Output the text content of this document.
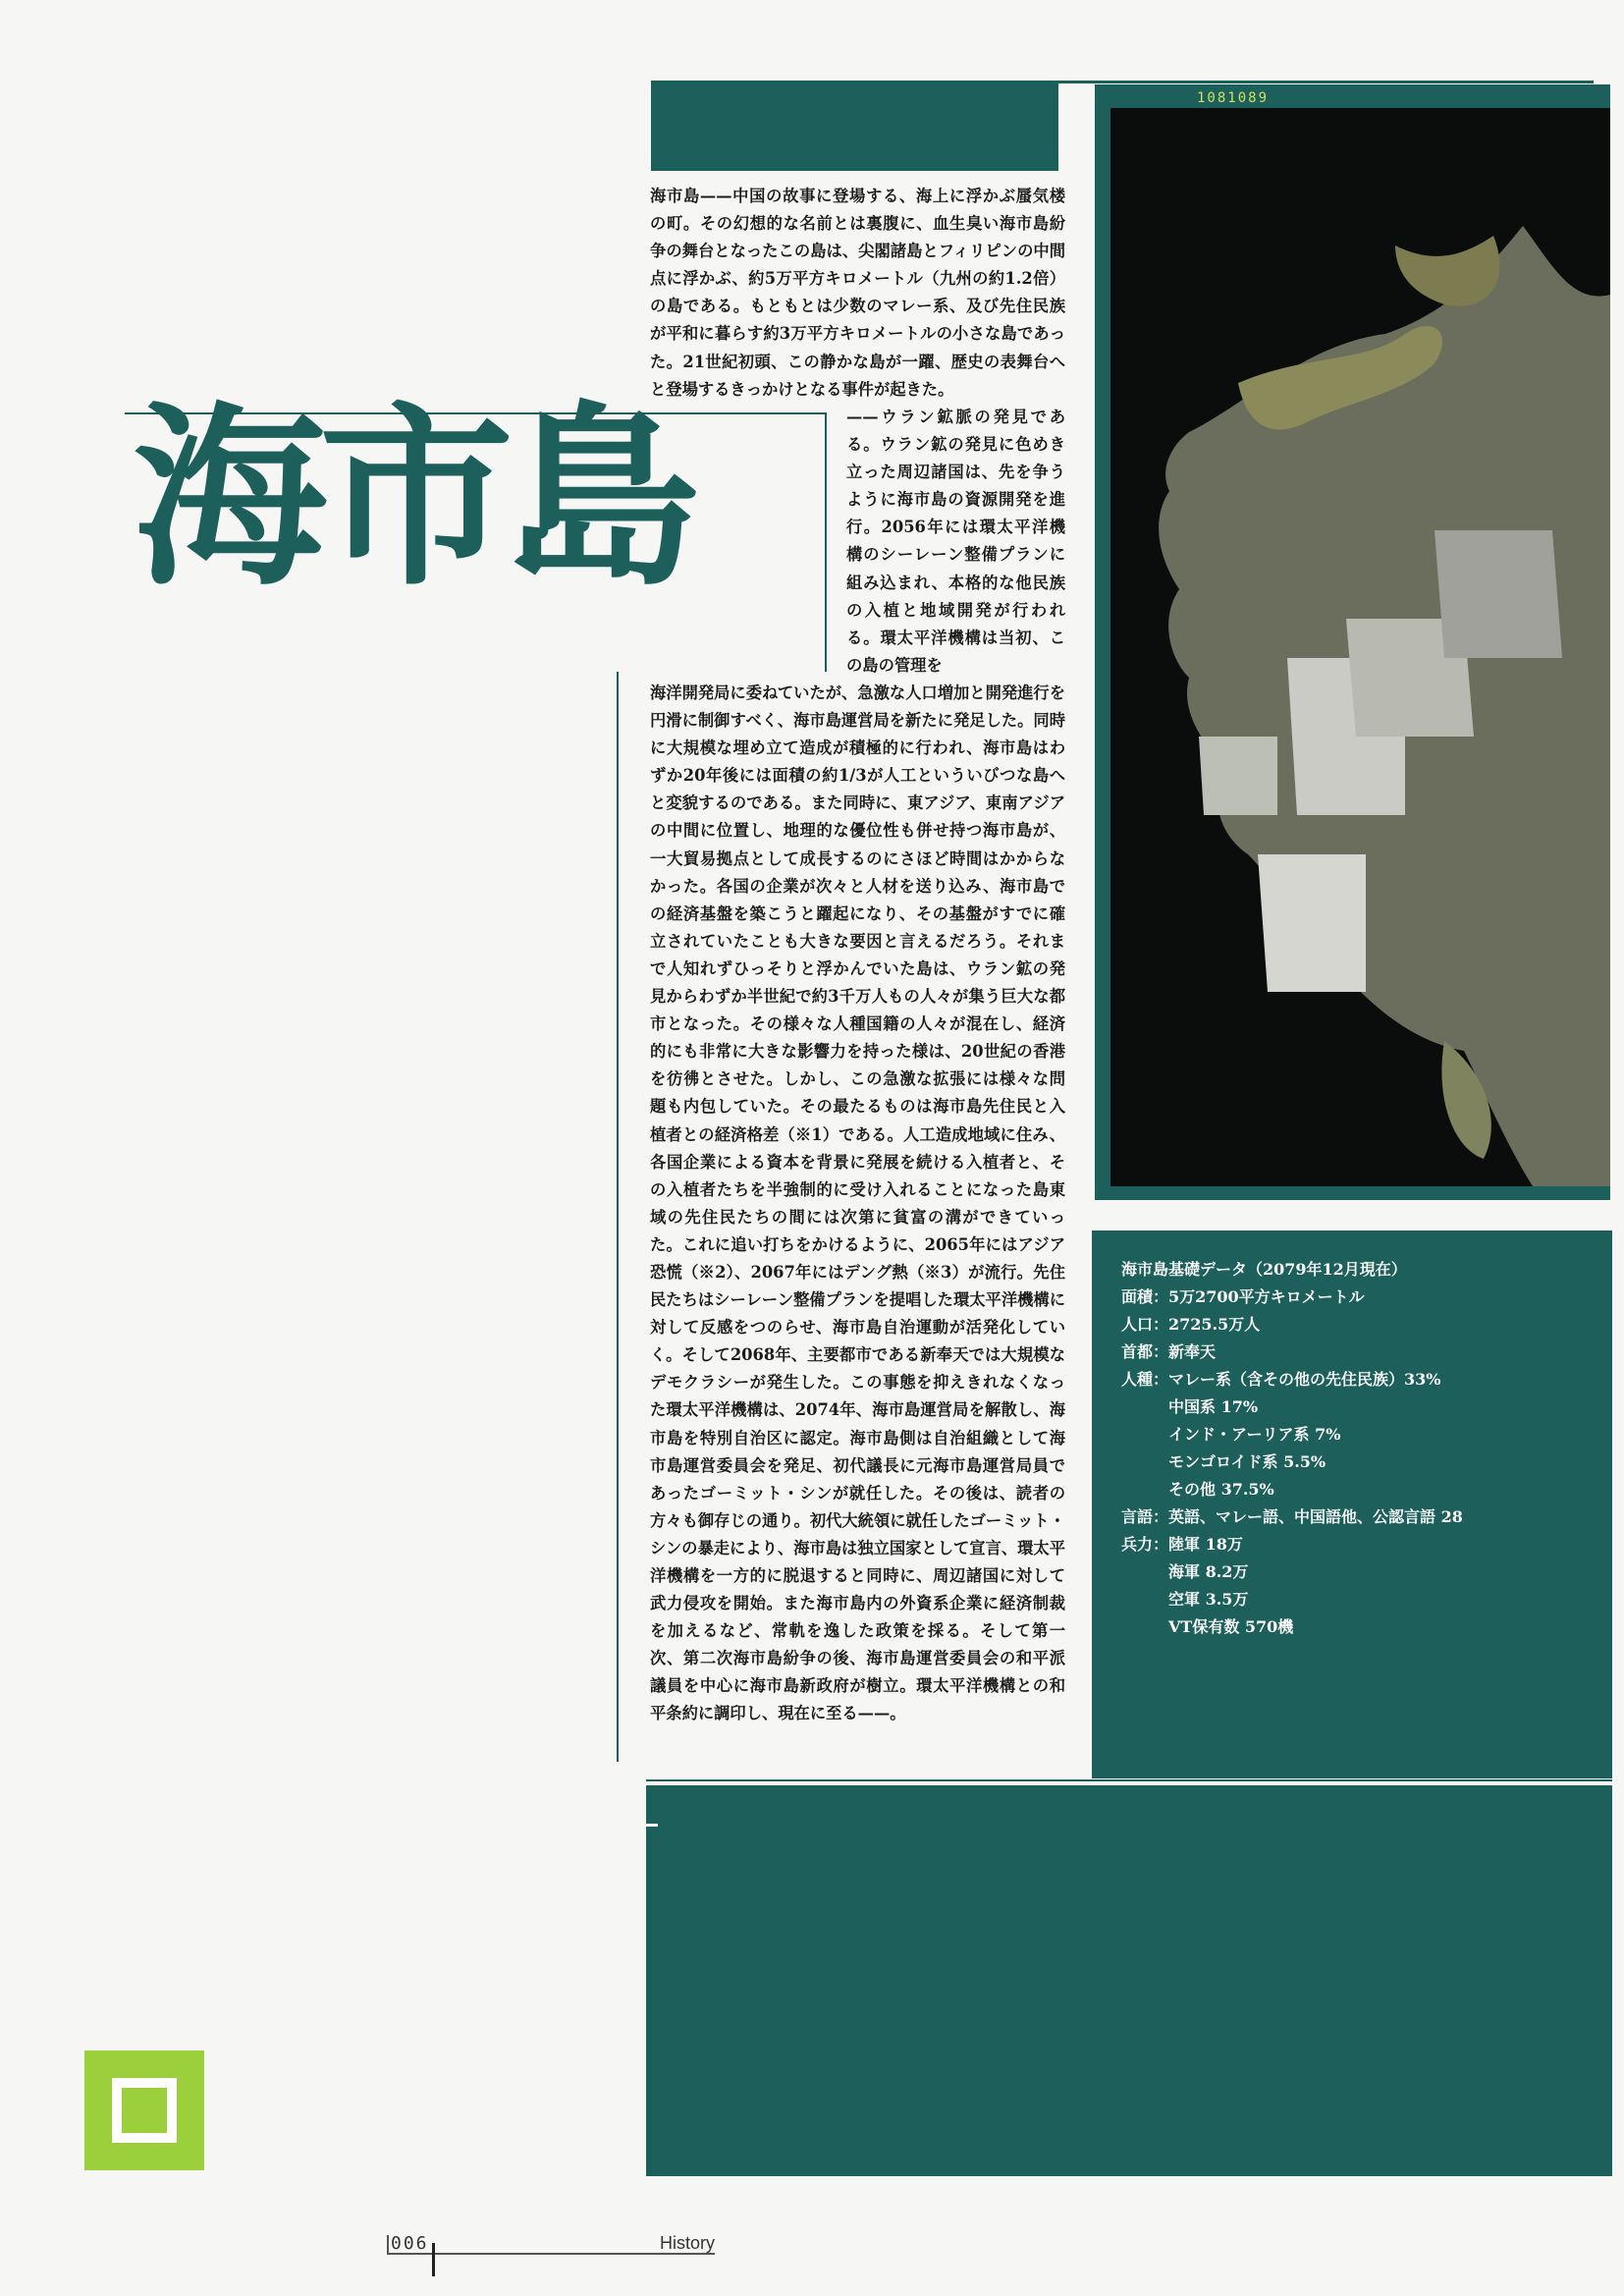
1081089
海市島

海市島——中国の故事に登場する、海上に浮かぶ蜃気楼の町。その幻想的な名前とは裏腹に、血生臭い海市島紛争の舞台となったこの島は、尖閣諸島とフィリピンの中間点に浮かぶ、約5万平方キロメートル（九州の約1.2倍）の島である。もともとは少数のマレー系、及び先住民族が平和に暮らす約3万平方キロメートルの小さな島であった。21世紀初頭、この静かな島が一躍、歴史の表舞台へと登場するきっかけとなる事件が起きた。

——ウラン鉱脈の発見である。ウラン鉱の発見に色めき立った周辺諸国は、先を争うように海市島の資源開発を進行。2056年には環太平洋機構のシーレーン整備プランに組み込まれ、本格的な他民族の入植と地域開発が行われる。環太平洋機構は当初、この島の管理を

海洋開発局に委ねていたが、急激な人口増加と開発進行を円滑に制御すべく、海市島運営局を新たに発足した。同時に大規模な埋め立て造成が積極的に行われ、海市島はわずか20年後には面積の約1/3が人工といういびつな島へと変貌するのである。また同時に、東アジア、東南アジアの中間に位置し、地理的な優位性も併せ持つ海市島が、一大貿易拠点として成長するのにさほど時間はかからなかった。各国の企業が次々と人材を送り込み、海市島での経済基盤を築こうと躍起になり、その基盤がすでに確立されていたことも大きな要因と言えるだろう。それまで人知れずひっそりと浮かんでいた島は、ウラン鉱の発見からわずか半世紀で約3千万人もの人々が集う巨大な都市となった。その様々な人種国籍の人々が混在し、経済的にも非常に大きな影響力を持った様は、20世紀の香港を彷彿とさせた。しかし、この急激な拡張には様々な問題も内包していた。その最たるものは海市島先住民と入植者との経済格差（※1）である。人工造成地域に住み、各国企業による資本を背景に発展を続ける入植者と、その入植者たちを半強制的に受け入れることになった島東域の先住民たちの間には次第に貧富の溝ができていった。これに追い打ちをかけるように、2065年にはアジア恐慌（※2）、2067年にはデング熱（※3）が流行。先住民たちはシーレーン整備プランを提唱した環太平洋機構に対して反感をつのらせ、海市島自治運動が活発化していく。そして2068年、主要都市である新奉天では大規模なデモクラシーが発生した。この事態を抑えきれなくなった環太平洋機構は、2074年、海市島運営局を解散し、海市島を特別自治区に認定。海市島側は自治組織として海市島運営委員会を発足、初代議長に元海市島運営局員であったゴーミット・シンが就任した。その後は、読者の方々も御存じの通り。初代大統領に就任したゴーミット・シンの暴走により、海市島は独立国家として宣言、環太平洋機構を一方的に脱退すると同時に、周辺諸国に対して武力侵攻を開始。また海市島内の外資系企業に経済制裁を加えるなど、常軌を逸した政策を採る。そして第一次、第二次海市島紛争の後、海市島運営委員会の和平派議員を中心に海市島新政府が樹立。環太平洋機構との和平条約に調印し、現在に至る——。

海市島基礎データ（2079年12月現在）
面積：5万2700平方キロメートル
人口：2725.5万人
首都：新奉天
人種：マレー系（含その他の先住民族）33%
中国系 17%
インド・アーリア系 7%
モンゴロイド系 5.5%
その他 37.5%
言語：英語、マレー語、中国語他、公認言語 28
兵力：陸軍 18万
海軍 8.2万
空軍 3.5万
VT保有数 570機
006	History
